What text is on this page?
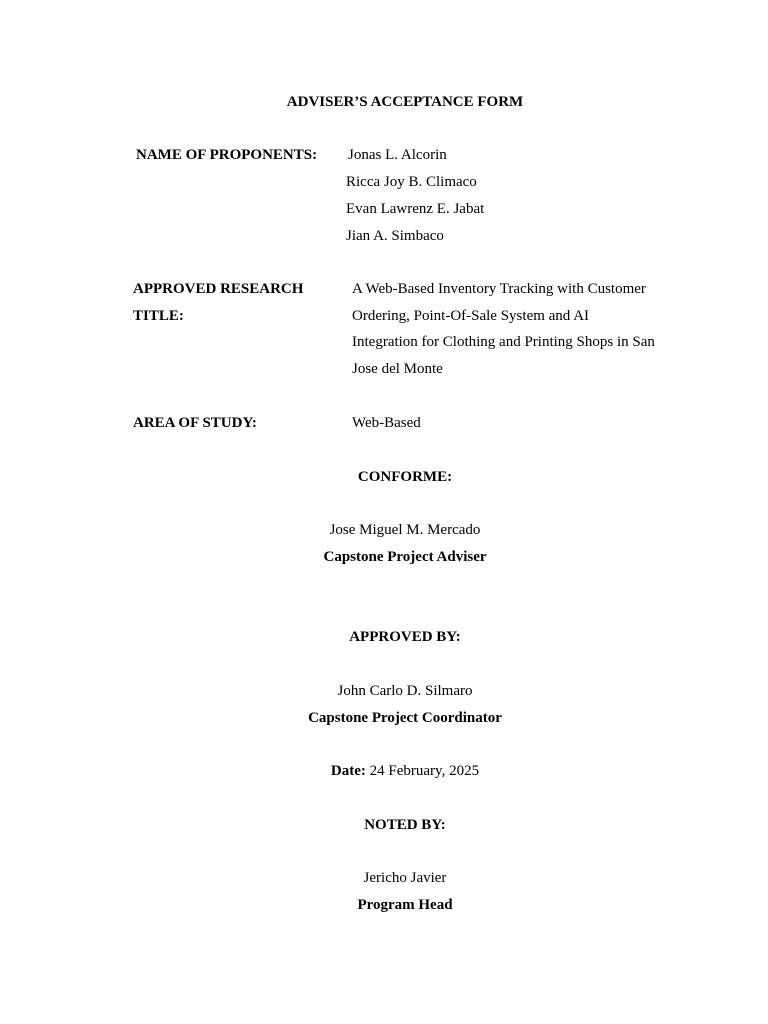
ADVISER’S ACCEPTANCE FORM
NAME OF PROPONENTS: Jonas L. Alcorin
Ricca Joy B. Climaco
Evan Lawrenz E. Jabat
Jian A. Simbaco
APPROVED RESEARCH
TITLE:
A Web-Based Inventory Tracking with Customer
Ordering, Point-Of-Sale System and AI
Integration for Clothing and Printing Shops in San
Jose del Monte
AREA OF STUDY:	Web-Based
CONFORME:
Jose Miguel M. Mercado
Capstone Project Adviser
APPROVED BY:
John Carlo D. Silmaro
Capstone Project Coordinator
Date: 24 February, 2025
NOTED BY:
Jericho Javier
Program Head
